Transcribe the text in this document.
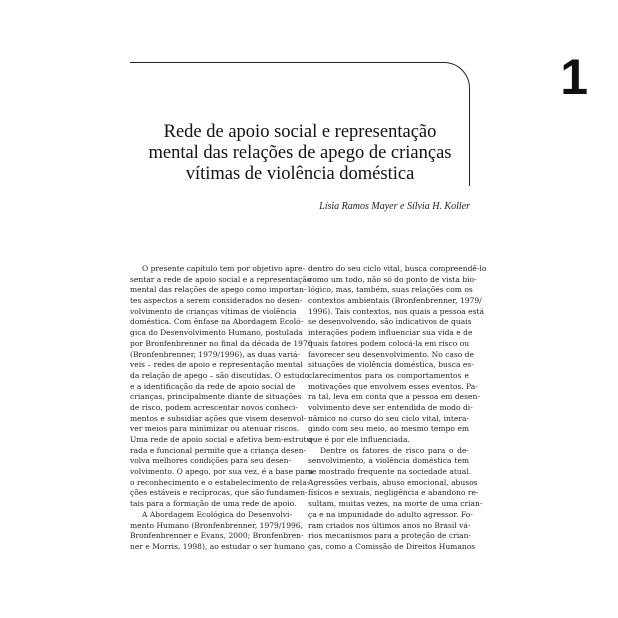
1
Rede de apoio social e representação
mental das relações de apego de crianças
vítimas de violência doméstica
Lísia Ramos Mayer e Sílvia H. Koller
O presente capítulo tem por objetivo apre-
sentar a rede de apoio social e a representação
mental das relações de apego como importan-
tes aspectos a serem considerados no desen-
volvimento de crianças vítimas de violência
doméstica. Com ênfase na Abordagem Ecoló-
gica do Desenvolvimento Humano, postulada
por Bronfenbrenner no final da década de 1970
(Bronfenbrenner, 1979/1996), as duas variá-
veis – redes de apoio e representação mental
da relação de apego – são discutidas. O estudo
e a identificação da rede de apoio social de
crianças, principalmente diante de situações
de risco, podem acrescentar novos conheci-
mentos e subsidiar ações que visem desenvol-
ver meios para minimizar ou atenuar riscos.
Uma rede de apoio social e afetiva bem-estrutu-
rada e funcional permite que a criança desen-
volva melhores condições para seu desen-
volvimento. O apego, por sua vez, é a base para
o reconhecimento e o estabelecimento de rela-
ções estáveis e recíprocas, que são fundamen-
tais para a formação de uma rede de apoio.
A Abordagem Ecológica do Desenvolvi-
mento Humano (Bronfenbrenner, 1979/1996,
Bronfenbrenner e Evans, 2000; Bronfenbren-
ner e Morris, 1998), ao estudar o ser humano
dentro do seu ciclo vital, busca compreendê-lo
como um todo, não só do ponto de vista bio-
lógico, mas, também, suas relações com os
contextos ambientais (Bronfenbrenner, 1979/
1996). Tais contextos, nos quais a pessoa está
se desenvolvendo, são indicativos de quais
interações podem influenciar sua vida e de
quais fatores podem colocá-la em risco ou
favorecer seu desenvolvimento. No caso de
situações de violência doméstica, busca es-
clarecimentos para os comportamentos e
motivações que envolvem esses eventos. Pa-
ra tal, leva em conta que a pessoa em desen-
volvimento deve ser entendida de modo di-
nâmico no curso do seu ciclo vital, intera-
gindo com seu meio, ao mesmo tempo em
que é por ele influenciada.
Dentre os fatores de risco para o de-
senvolvimento, a violência doméstica tem
se mostrado frequente na sociedade atual.
Agressões verbais, abuso emocional, abusos
físicos e sexuais, negligência e abandono re-
sultam, muitas vezes, na morte de uma crian-
ça e na impunidade do adulto agressor. Fo-
ram criados nos últimos anos no Brasil vá-
rios mecanismos para a proteção de crian-
ças, como a Comissão de Direitos Humanos
